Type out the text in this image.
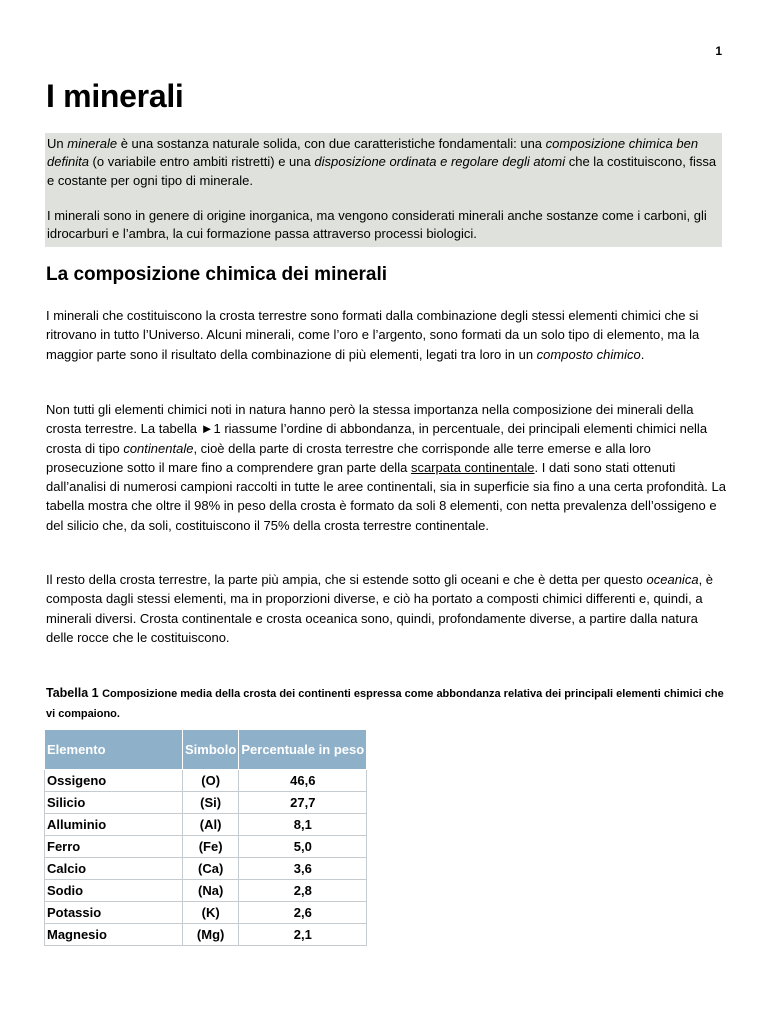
1
I minerali

Un minerale è una sostanza naturale solida, con due caratteristiche fondamentali: una composizione chimica ben definita (o variabile entro ambiti ristretti) e una disposizione ordinata e regolare degli atomi che la costituiscono, fissa e costante per ogni tipo di minerale.

I minerali sono in genere di origine inorganica, ma vengono considerati minerali anche sostanze come i carboni, gli idrocarburi e l’ambra, la cui formazione passa attraverso processi biologici.

La composizione chimica dei minerali

I minerali che costituiscono la crosta terrestre sono formati dalla combinazione degli stessi elementi chimici che si ritrovano in tutto l’Universo. Alcuni minerali, come l’oro e l’argento, sono formati da un solo tipo di elemento, ma la maggior parte sono il risultato della combinazione di più elementi, legati tra loro in un composto chimico.

Non tutti gli elementi chimici noti in natura hanno però la stessa importanza nella composizione dei minerali della crosta terrestre. La tabella ►1 riassume l’ordine di abbondanza, in percentuale, dei principali elementi chimici nella crosta di tipo continentale, cioè della parte di crosta terrestre che corrisponde alle terre emerse e alla loro prosecuzione sotto il mare fino a comprendere gran parte della scarpata continentale. I dati sono stati ottenuti dall’analisi di numerosi campioni raccolti in tutte le aree continentali, sia in superficie sia fino a una certa profondità. La tabella mostra che oltre il 98% in peso della crosta è formato da soli 8 elementi, con netta prevalenza dell’ossigeno e del silicio che, da soli, costituiscono il 75% della crosta terrestre continentale.

Il resto della crosta terrestre, la parte più ampia, che si estende sotto gli oceani e che è detta per questo oceanica, è composta dagli stessi elementi, ma in proporzioni diverse, e ciò ha portato a composti chimici differenti e, quindi, a minerali diversi. Crosta continentale e crosta oceanica sono, quindi, profondamente diverse, a partire dalla natura delle rocce che le costituiscono.

Tabella 1 Composizione media della crosta dei continenti espressa come abbondanza relativa dei principali elementi chimici che vi compaiono.

Elemento	Simbolo	Percentuale in peso
Ossigeno	(O)	46,6
Silicio	(Si)	27,7
Alluminio	(Al)	8,1
Ferro	(Fe)	5,0
Calcio	(Ca)	3,6
Sodio	(Na)	2,8
Potassio	(K)	2,6
Magnesio	(Mg)	2,1
